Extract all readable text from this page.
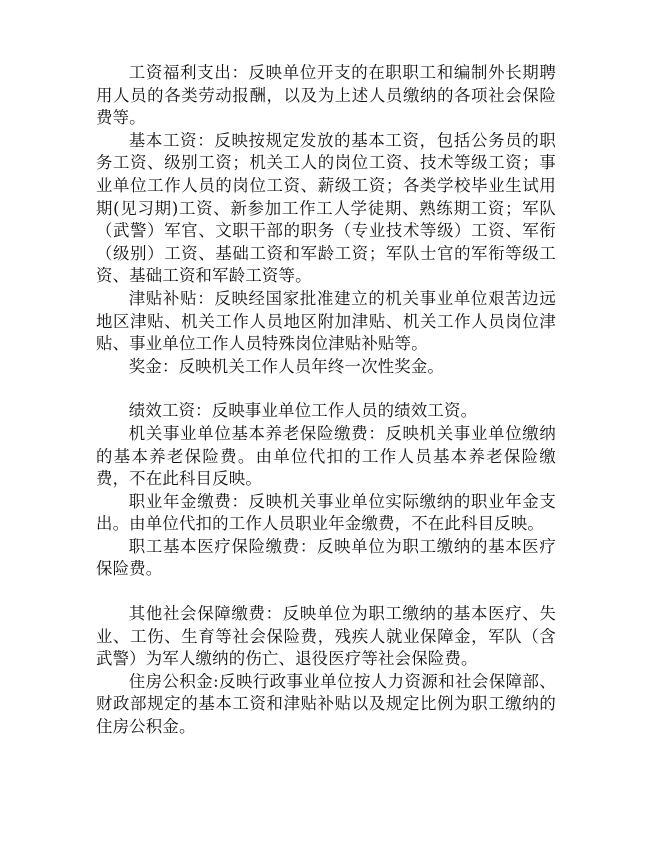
工资福利支出：反映单位开支的在职职工和编制外长期聘用人员的各类劳动报酬，以及为上述人员缴纳的各项社会保险费等。

基本工资：反映按规定发放的基本工资，包括公务员的职务工资、级别工资；机关工人的岗位工资、技术等级工资；事业单位工作人员的岗位工资、薪级工资；各类学校毕业生试用期(见习期)工资、新参加工作工人学徒期、熟练期工资；军队（武警）军官、文职干部的职务（专业技术等级）工资、军衔（级别）工资、基础工资和军龄工资；军队士官的军衔等级工资、基础工资和军龄工资等。

津贴补贴：反映经国家批准建立的机关事业单位艰苦边远地区津贴、机关工作人员地区附加津贴、机关工作人员岗位津贴、事业单位工作人员特殊岗位津贴补贴等。

奖金：反映机关工作人员年终一次性奖金。

绩效工资：反映事业单位工作人员的绩效工资。

机关事业单位基本养老保险缴费：反映机关事业单位缴纳的基本养老保险费。由单位代扣的工作人员基本养老保险缴费，不在此科目反映。

职业年金缴费：反映机关事业单位实际缴纳的职业年金支出。由单位代扣的工作人员职业年金缴费，不在此科目反映。

职工基本医疗保险缴费：反映单位为职工缴纳的基本医疗保险费。

其他社会保障缴费：反映单位为职工缴纳的基本医疗、失业、工伤、生育等社会保险费，残疾人就业保障金，军队（含武警）为军人缴纳的伤亡、退役医疗等社会保险费。

住房公积金:反映行政事业单位按人力资源和社会保障部、财政部规定的基本工资和津贴补贴以及规定比例为职工缴纳的住房公积金。
